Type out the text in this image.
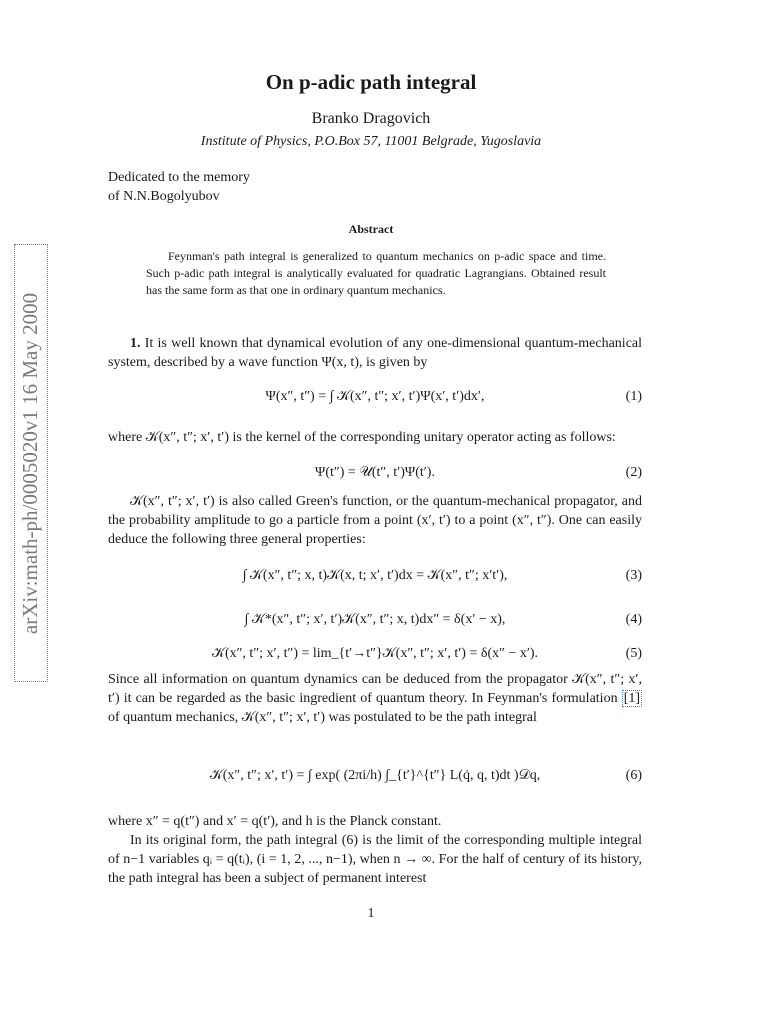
arXiv:math-ph/0005020v1 16 May 2000
On p-adic path integral
Branko Dragovich
Institute of Physics, P.O.Box 57, 11001 Belgrade, Yugoslavia
Dedicated to the memory
of N.N.Bogolyubov
Abstract
Feynman's path integral is generalized to quantum mechanics on p-adic space and time. Such p-adic path integral is analytically evaluated for quadratic Lagrangians. Obtained result has the same form as that one in ordinary quantum mechanics.
1. It is well known that dynamical evolution of any one-dimensional quantum-mechanical system, described by a wave function Ψ(x, t), is given by
Ψ(x″, t″) = ∫ 𝒦(x″, t″; x′, t′)Ψ(x′, t′)dx′,	(1)
where 𝒦(x″, t″; x′, t′) is the kernel of the corresponding unitary operator acting as follows:
Ψ(t″) = 𝒰(t″, t′)Ψ(t′).	(2)
𝒦(x″, t″; x′, t′) is also called Green's function, or the quantum-mechanical propagator, and the probability amplitude to go a particle from a point (x′, t′) to a point (x″, t″). One can easily deduce the following three general properties:
∫ 𝒦(x″, t″; x, t)𝒦(x, t; x′, t′)dx = 𝒦(x″, t″; x′t′),	(3)
∫ 𝒦*(x″, t″; x′, t′)𝒦(x″, t″; x, t)dx″ = δ(x′ − x),	(4)
𝒦(x″, t″; x′, t″) = lim_{t′→t″}𝒦(x″, t″; x′, t′) = δ(x″ − x′).	(5)
Since all information on quantum dynamics can be deduced from the propagator 𝒦(x″, t″; x′, t′) it can be regarded as the basic ingredient of quantum theory. In Feynman's formulation [1] of quantum mechanics, 𝒦(x″, t″; x′, t′) was postulated to be the path integral
𝒦(x″, t″; x′, t′) = ∫ exp( (2πi/h) ∫_{t′}^{t″} L(q̇, q, t)dt )𝒟q,	(6)
where x″ = q(t″) and x′ = q(t′), and h is the Planck constant.
In its original form, the path integral (6) is the limit of the corresponding multiple integral of n−1 variables qᵢ = q(tᵢ), (i = 1, 2, ..., n−1), when n → ∞. For the half of century of its history, the path integral has been a subject of permanent interest
1
